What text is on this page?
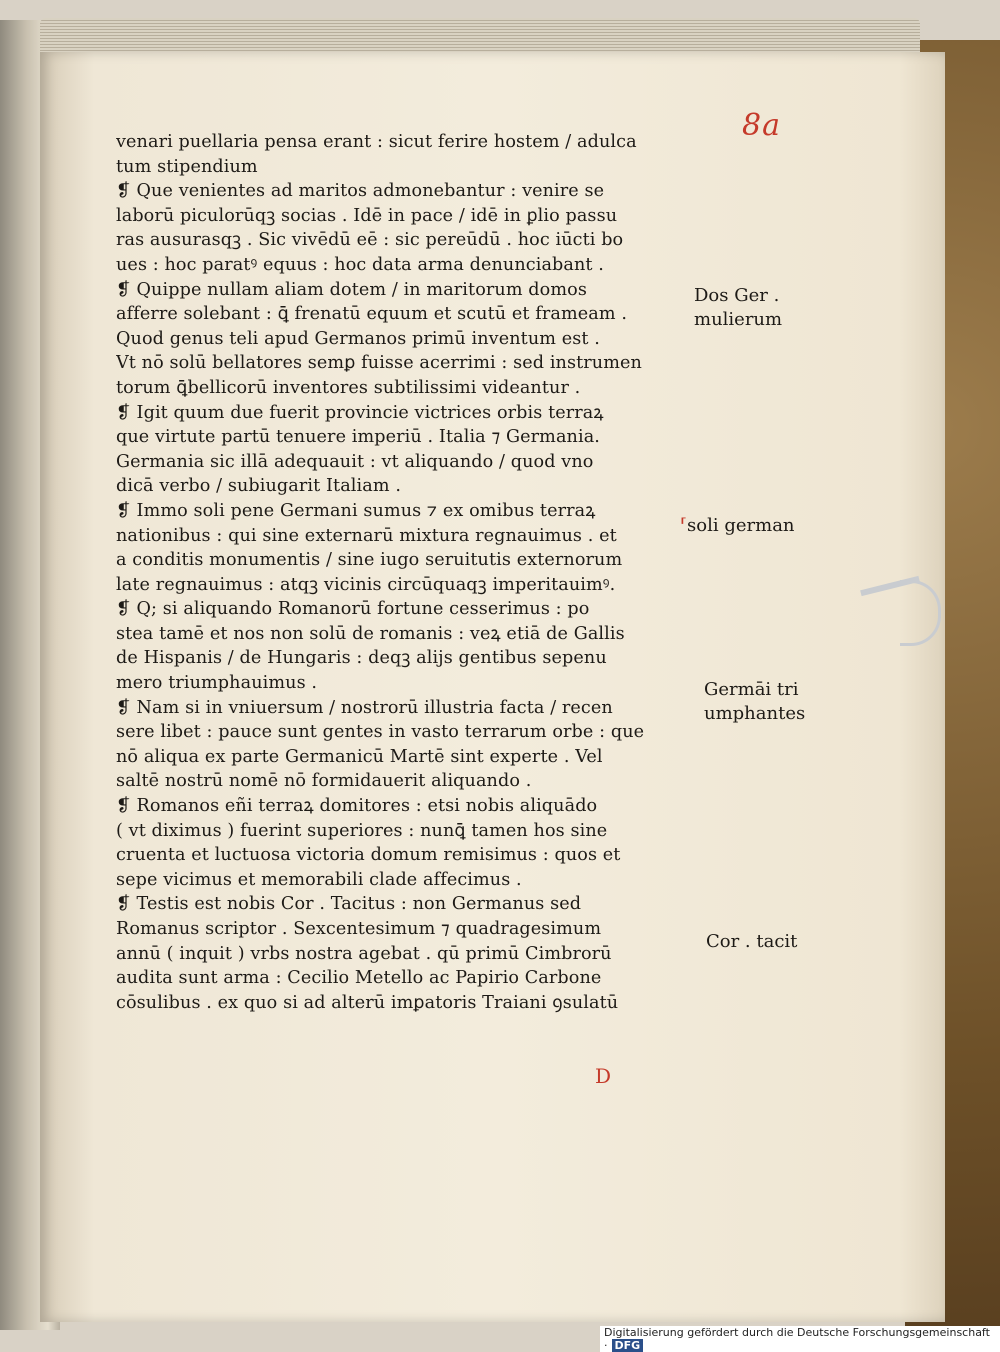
8a

venari puellaria pensa erant : sicut ferire hostem / adulca
tum stipendium
❡ Que venientes ad maritos admonebantur : venire se
laborū piculorūqꝫ socias . Idē in pace / idē in ꝑlio passu
ras ausurasqꝫ . Sic vivēdū eē : sic pereūdū . hoc iūcti bo
ues : hoc paratꝰ equus : hoc data arma denunciabant .
❡ Quippe nullam aliam dotem / in maritorum domos
afferre solebant : ꝗ̄ frenatū equum et scutū et frameam .
Quod genus teli apud Germanos primū inventum est .
Vt nō solū bellatores semꝑ fuisse acerrimi : sed instrumen
torum ꝗ̄bellicorū inventores subtilissimi videantur .
❡ Igit quum due fuerit provincie victrices orbis terraꝝ
que virtute partū tenuere imperiū . Italia ⁊ Germania.
Germania sic illā adequauit : vt aliquando / quod vno
dicā verbo / subiugarit Italiam .
❡ Immo soli pene Germani sumus ⁊ ex omibus terraꝝ
nationibus : qui sine externarū mixtura regnauimus . et
a conditis monumentis / sine iugo seruitutis externorum
late regnauimus : atqꝫ vicinis circūquaqꝫ imperitauimꝰ.
❡ Q; si aliquando Romanorū fortune cesserimus : po
stea tamē et nos non solū de romanis : veꝝ etiā de Gallis
de Hispanis / de Hungaris : deqꝫ alijs gentibus sepenu
mero triumphauimus .
❡ Nam si in vniuersum / nostrorū illustria facta / recen
sere libet : pauce sunt gentes in vasto terrarum orbe : que
nō aliqua ex parte Germanicū Martē sint experte . Vel
saltē nostrū nomē nō formidauerit aliquando .
❡ Romanos eñi terraꝝ domitores : etsi nobis aliquādo
( vt diximus ) fuerint superiores : nunꝗ̄ tamen hos sine
cruenta et luctuosa victoria domum remisimus : quos et
sepe vicimus et memorabili clade affecimus .
❡ Testis est nobis Cor . Tacitus : non Germanus sed
Romanus scriptor . Sexcentesimum ⁊ quadragesimum
annū ( inquit ) vrbs nostra agebat . qū primū Cimbrorū
audita sunt arma : Cecilio Metello ac Papirio Carbone
cōsulibus . ex quo si ad alterū imꝑatoris Traiani ꝯsulatū

Dos Ger .
mulierum

⸢soli german

Germāi tri
umphantes

Cor . tacit

D

Digitalisierung gefördert durch die Deutsche Forschungsgemeinschaft · DFG
